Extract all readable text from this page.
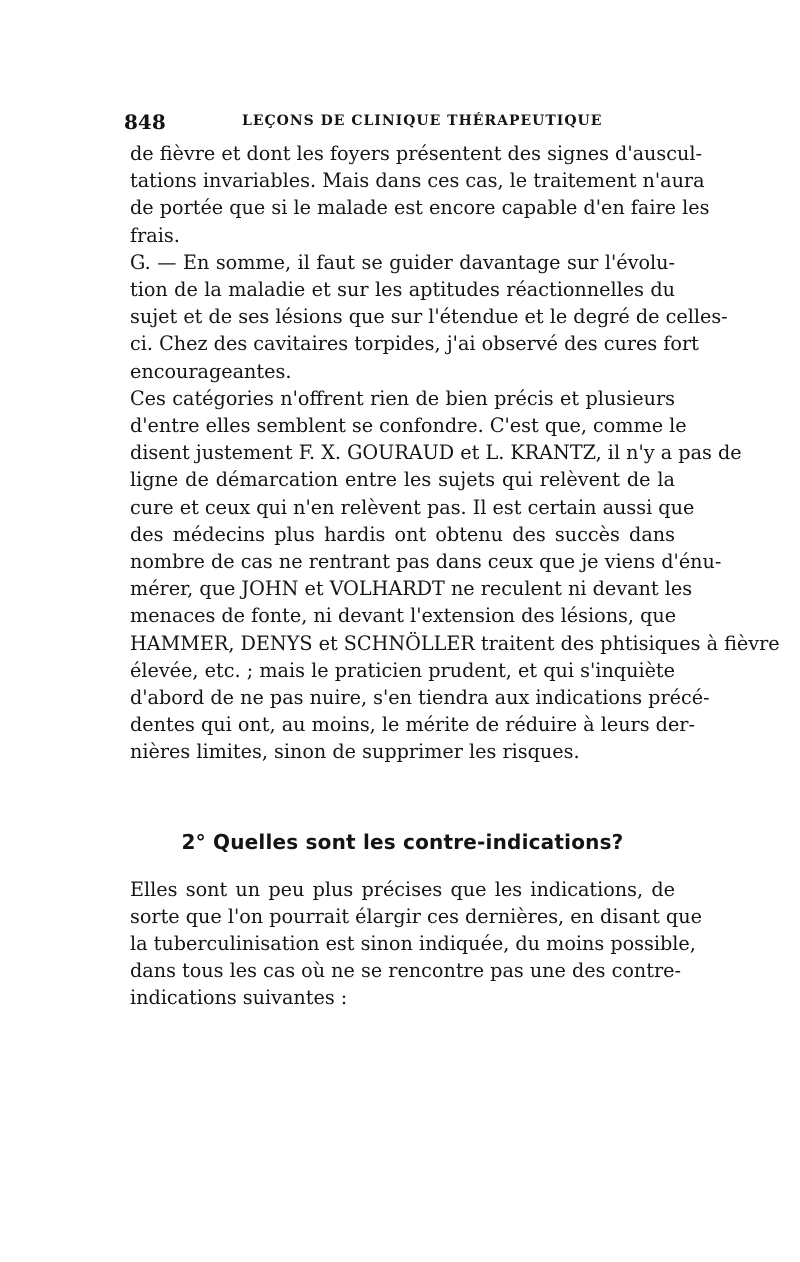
848	LEÇONS DE CLINIQUE THÉRAPEUTIQUE

de fièvre et dont les foyers présentent des signes d'auscul-
tations invariables. Mais dans ces cas, le traitement n'aura
de portée que si le malade est encore capable d'en faire les
frais.

G. — En somme, il faut se guider davantage sur l'évolu-
tion de la maladie et sur les aptitudes réactionnelles du
sujet et de ses lésions que sur l'étendue et le degré de celles-
ci. Chez des cavitaires torpides, j'ai observé des cures fort
encourageantes.

Ces catégories n'offrent rien de bien précis et plusieurs
d'entre elles semblent se confondre. C'est que, comme le
disent justement F. X. GOURAUD et L. KRANTZ, il n'y a pas de
ligne de démarcation entre les sujets qui relèvent de la
cure et ceux qui n'en relèvent pas. Il est certain aussi que
des médecins plus hardis ont obtenu des succès dans
nombre de cas ne rentrant pas dans ceux que je viens d'énu-
mérer, que JOHN et VOLHARDT ne reculent ni devant les
menaces de fonte, ni devant l'extension des lésions, que
HAMMER, DENYS et SCHNÖLLER traitent des phtisiques à fièvre
élevée, etc. ; mais le praticien prudent, et qui s'inquiète
d'abord de ne pas nuire, s'en tiendra aux indications précé-
dentes qui ont, au moins, le mérite de réduire à leurs der-
nières limites, sinon de supprimer les risques.

2° Quelles sont les contre-indications?

Elles sont un peu plus précises que les indications, de
sorte que l'on pourrait élargir ces dernières, en disant que
la tuberculinisation est sinon indiquée, du moins possible,
dans tous les cas où ne se rencontre pas une des contre-
indications suivantes :
